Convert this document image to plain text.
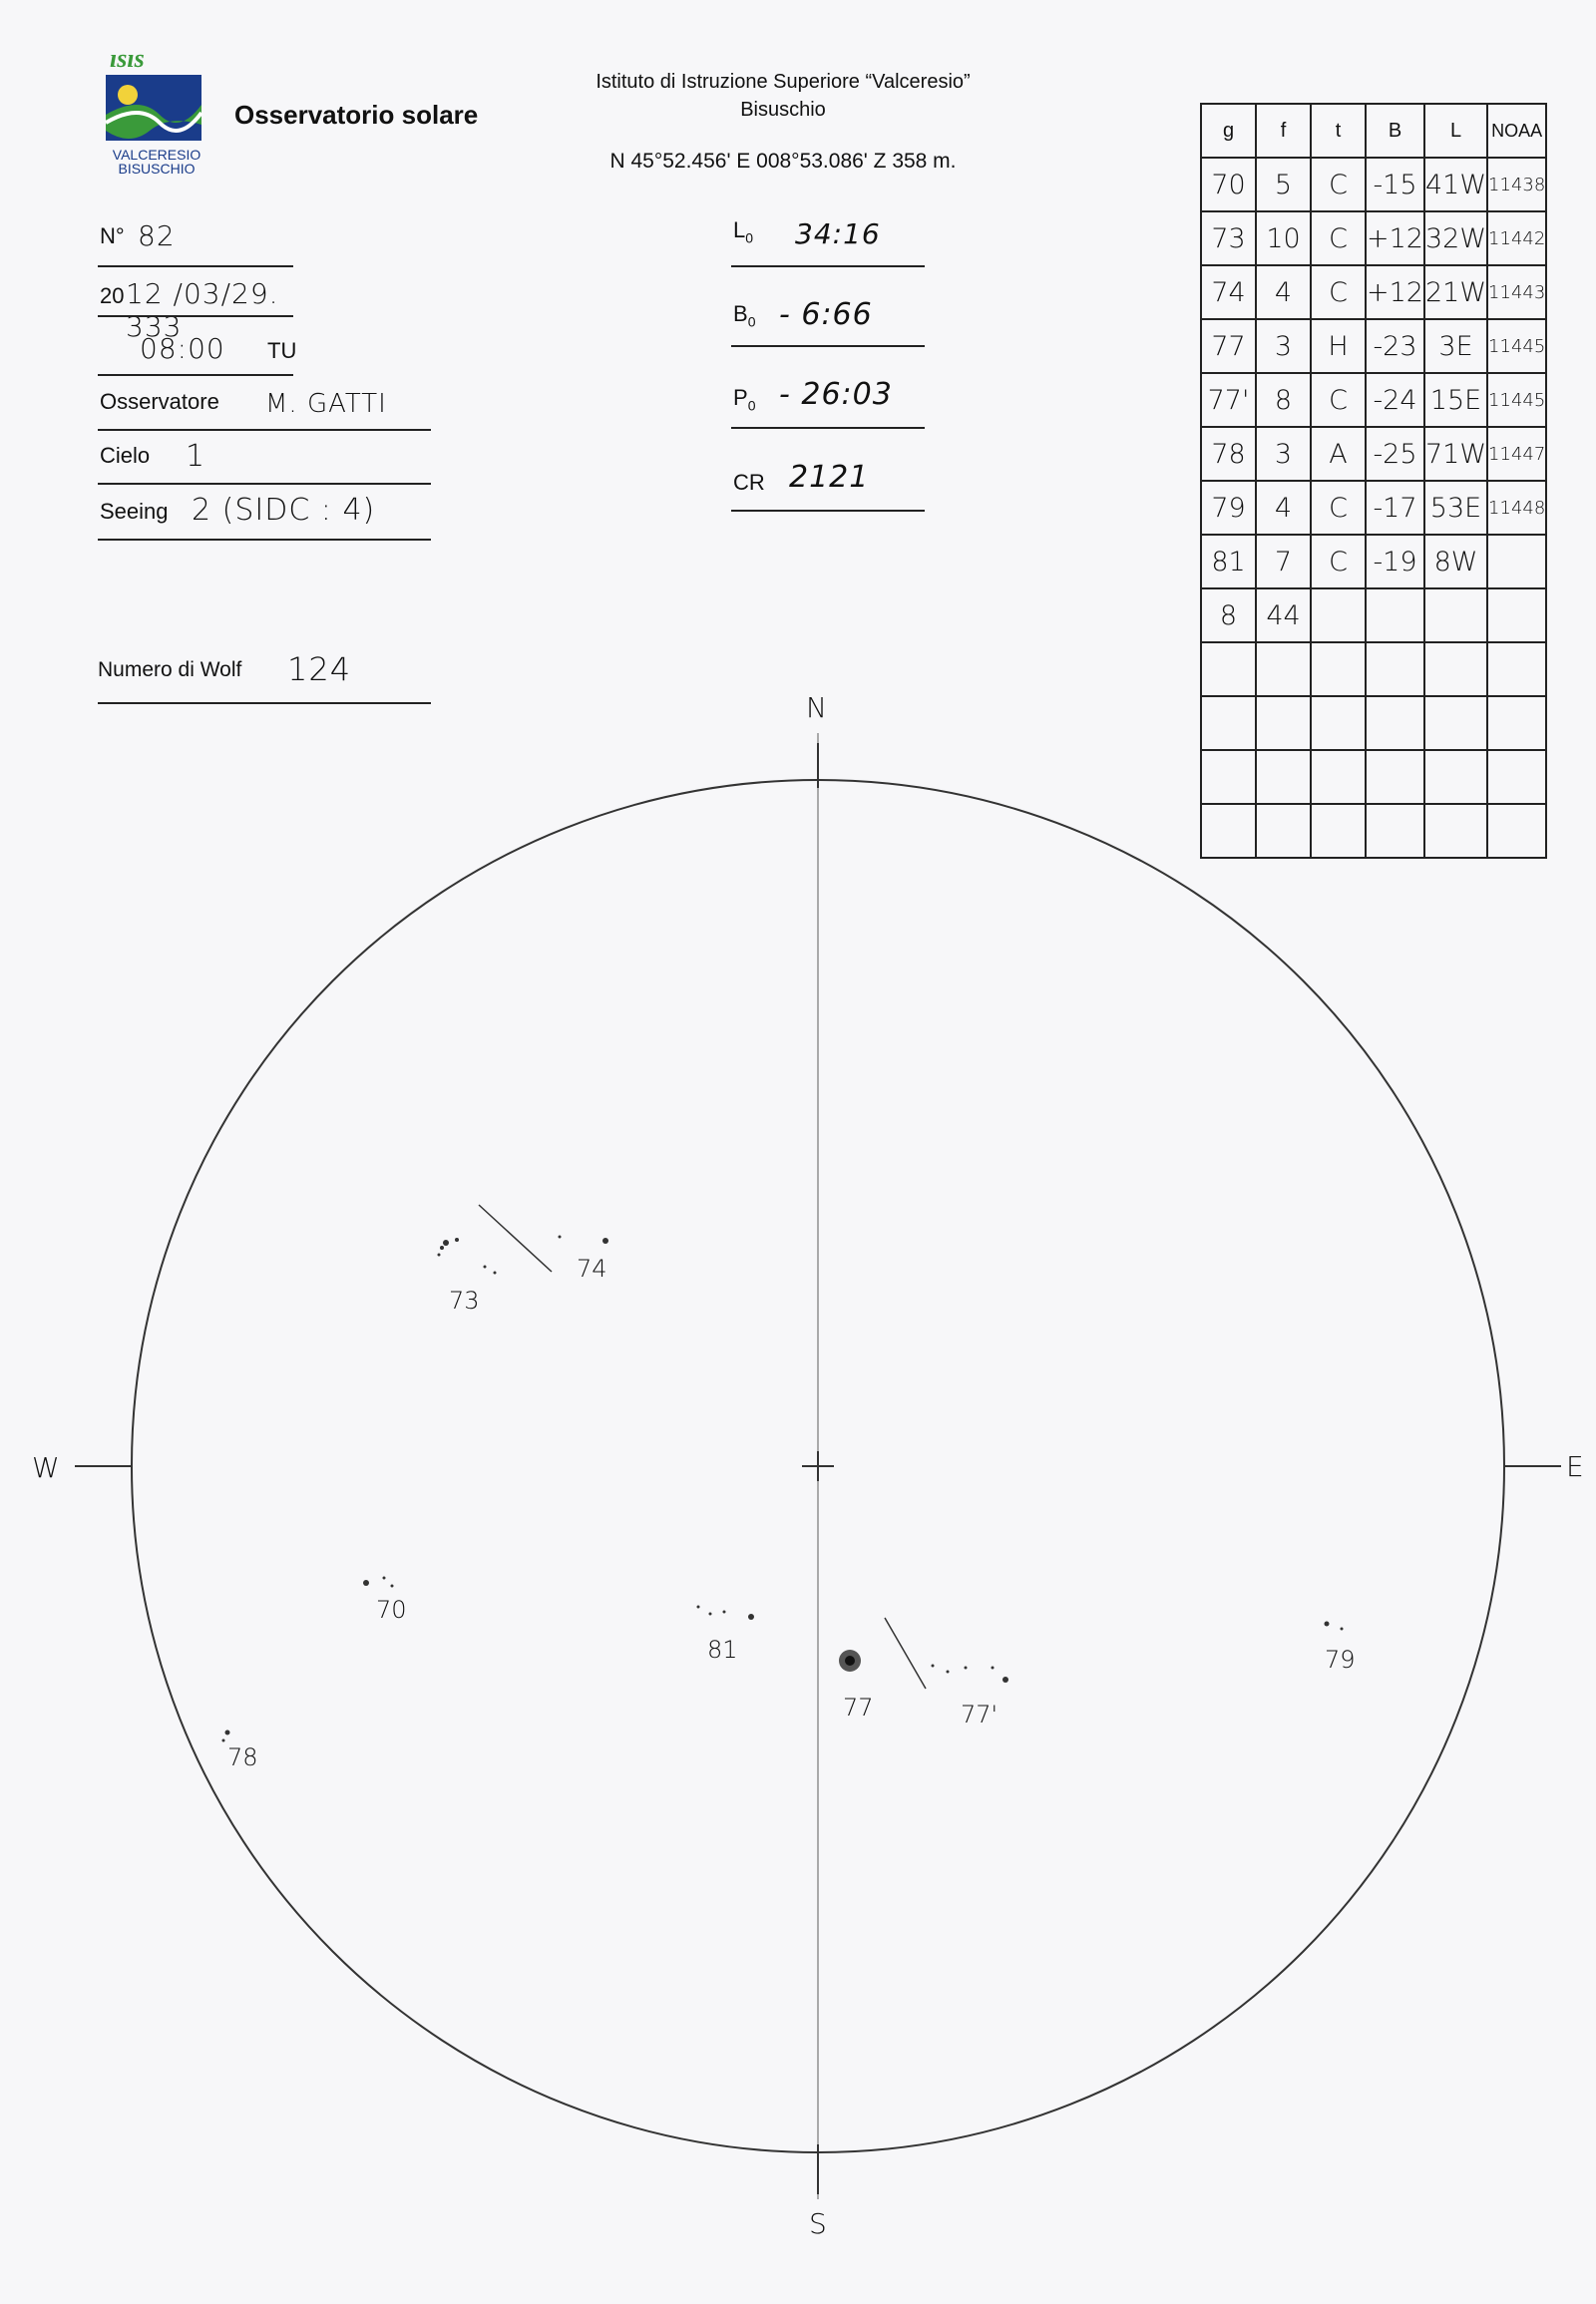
ısıs
VALCERESIO BISUSCHIO
Osservatorio solare
Istituto di Istruzione Superiore “Valceresio”
Bisuschio
N 45°52.456' E 008°53.086' Z 358 m.
N° 82
20 12 /03/29. 333
08:00 TU
Osservatore M. GATTI
Cielo 1
Seeing 2 (SIDC : 4)
Numero di Wolf 124
$L_0$ 34:16
$B_0$ - 6:66
$P_0$ - 26:03
CR 2121
g	f	t	B	L	NOAA
70	5	C	-15	41W	11438
73	10	C	+12	32W	11442
74	4	C	+12	21W	11443
77	3	H	-23	3E	11445
77'	8	C	-24	15E	11445
78	3	A	-25	71W	11447
79	4	C	-17	53E	11448
81	7	C	-19	8W	
8	44				

N
S
E
W
73
74
70
81
77	77'
79
78
